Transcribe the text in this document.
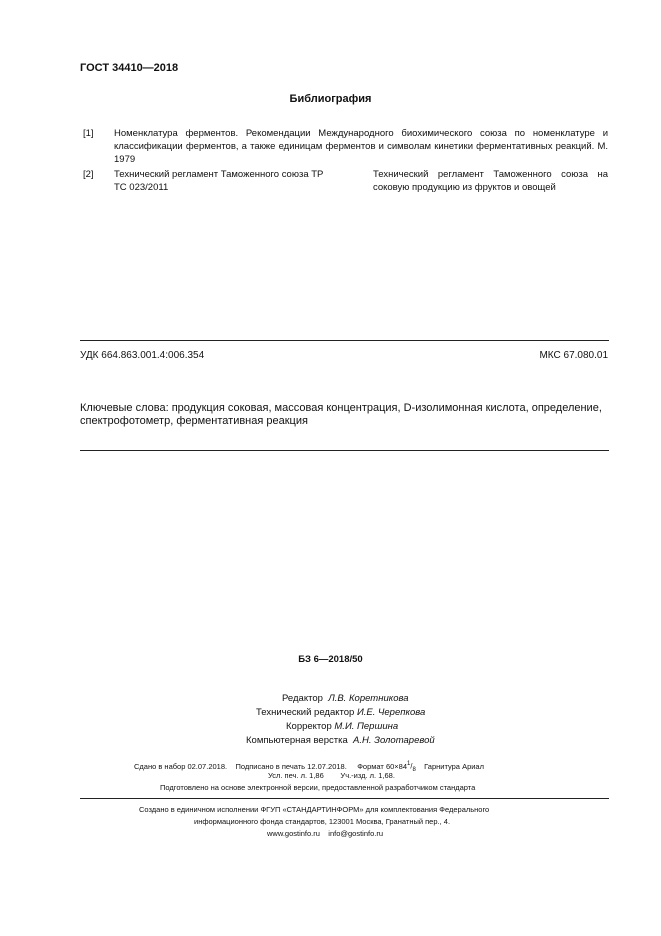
ГОСТ 34410—2018
Библиография
[1] Номенклатура ферментов. Рекомендации Международного биохимического союза по номенклатуре и классификации ферментов, а также единицам ферментов и символам кинетики ферментативных реакций. М. 1979
[2] Технический регламент Таможенного союза ТР ТС 023/2011
Технический регламент Таможенного союза на соковую продукцию из фруктов и овощей
УДК 664.863.001.4:006.354	МКС 67.080.01
Ключевые слова: продукция соковая, массовая концентрация, D-изолимонная кислота, определение, спектрофотометр, ферментативная реакция
БЗ 6—2018/50
Редактор Л.В. Коретникова
Технический редактор И.Е. Черепкова
Корректор М.И. Першина
Компьютерная верстка А.Н. Золотаревой
Сдано в набор 02.07.2018. Подписано в печать 12.07.2018. Формат $60\times 84^1/_8$ Гарнитура Ариал
Усл. печ. л. 1,86        Уч.-изд. л. 1,68.
Подготовлено на основе электронной версии, предоставленной разработчиком стандарта
Создано в единичном исполнении ФГУП «СТАНДАРТИНФОРМ» для комплектования Федерального
информационного фонда стандартов, 123001 Москва, Гранатный пер., 4.
www.gostinfo.ru    info@gostinfo.ru
